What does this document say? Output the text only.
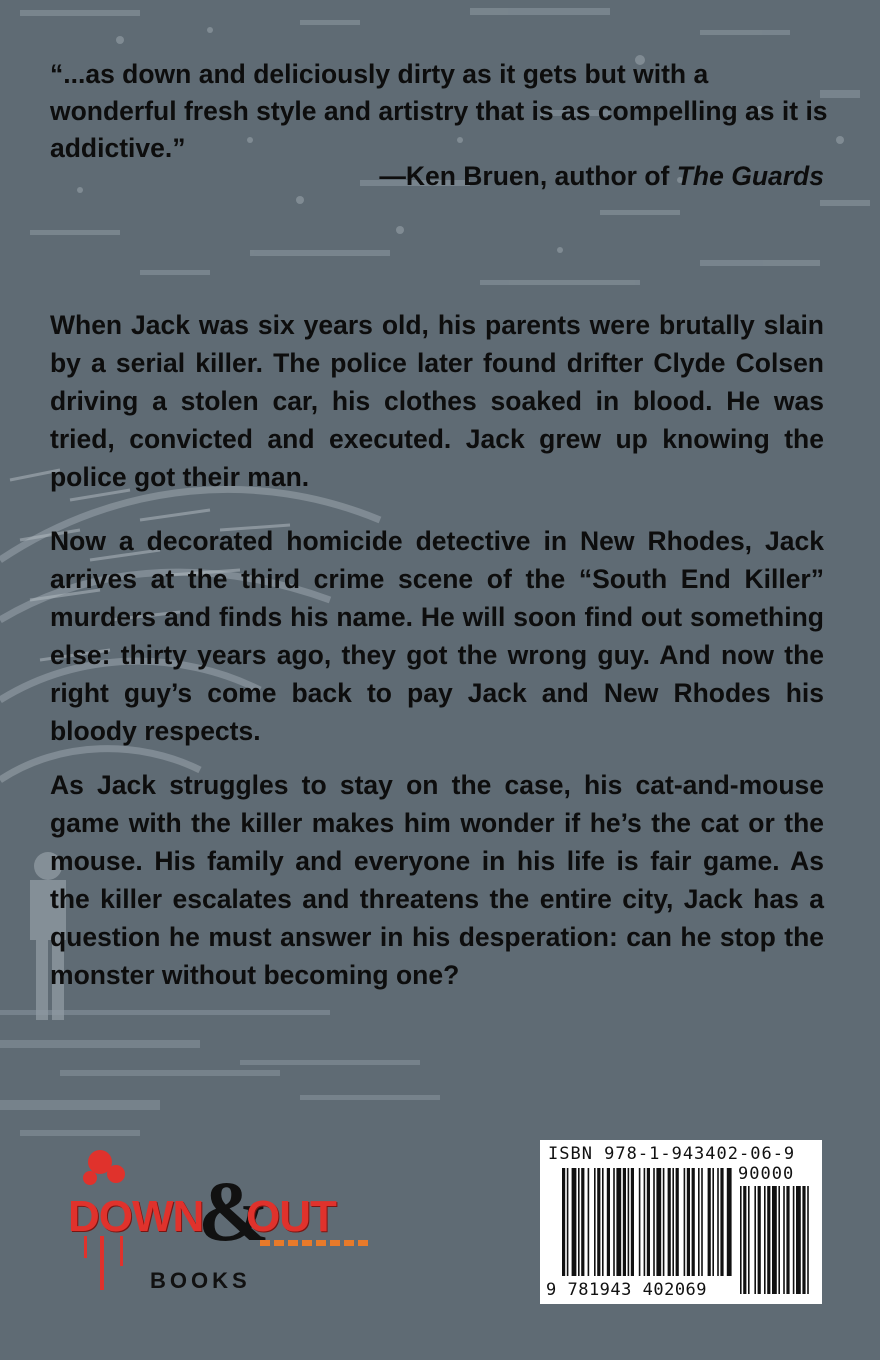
“...as down and deliciously dirty as it gets but with a wonderful fresh style and artistry that is as compelling as it is addictive.”

—Ken Bruen, author of The Guards

When Jack was six years old, his parents were brutally slain by a serial killer. The police later found drifter Clyde Colsen driving a stolen car, his clothes soaked in blood. He was tried, convicted and executed. Jack grew up knowing the police got their man.

Now a decorated homicide detective in New Rhodes, Jack arrives at the third crime scene of the “South End Killer” murders and finds his name. He will soon find out something else: thirty years ago, they got the wrong guy. And now the right guy’s come back to pay Jack and New Rhodes his bloody respects.

As Jack struggles to stay on the case, his cat-and-mouse game with the killer makes him wonder if he’s the cat or the mouse. His family and everyone in his life is fair game. As the killer escalates and threatens the entire city, Jack has a question he must answer in his desperation: can he stop the monster without becoming one?

DOWN
&
OUT
BOOKS
ISBN 978-1-943402-06-9
90000
9 781943 402069
